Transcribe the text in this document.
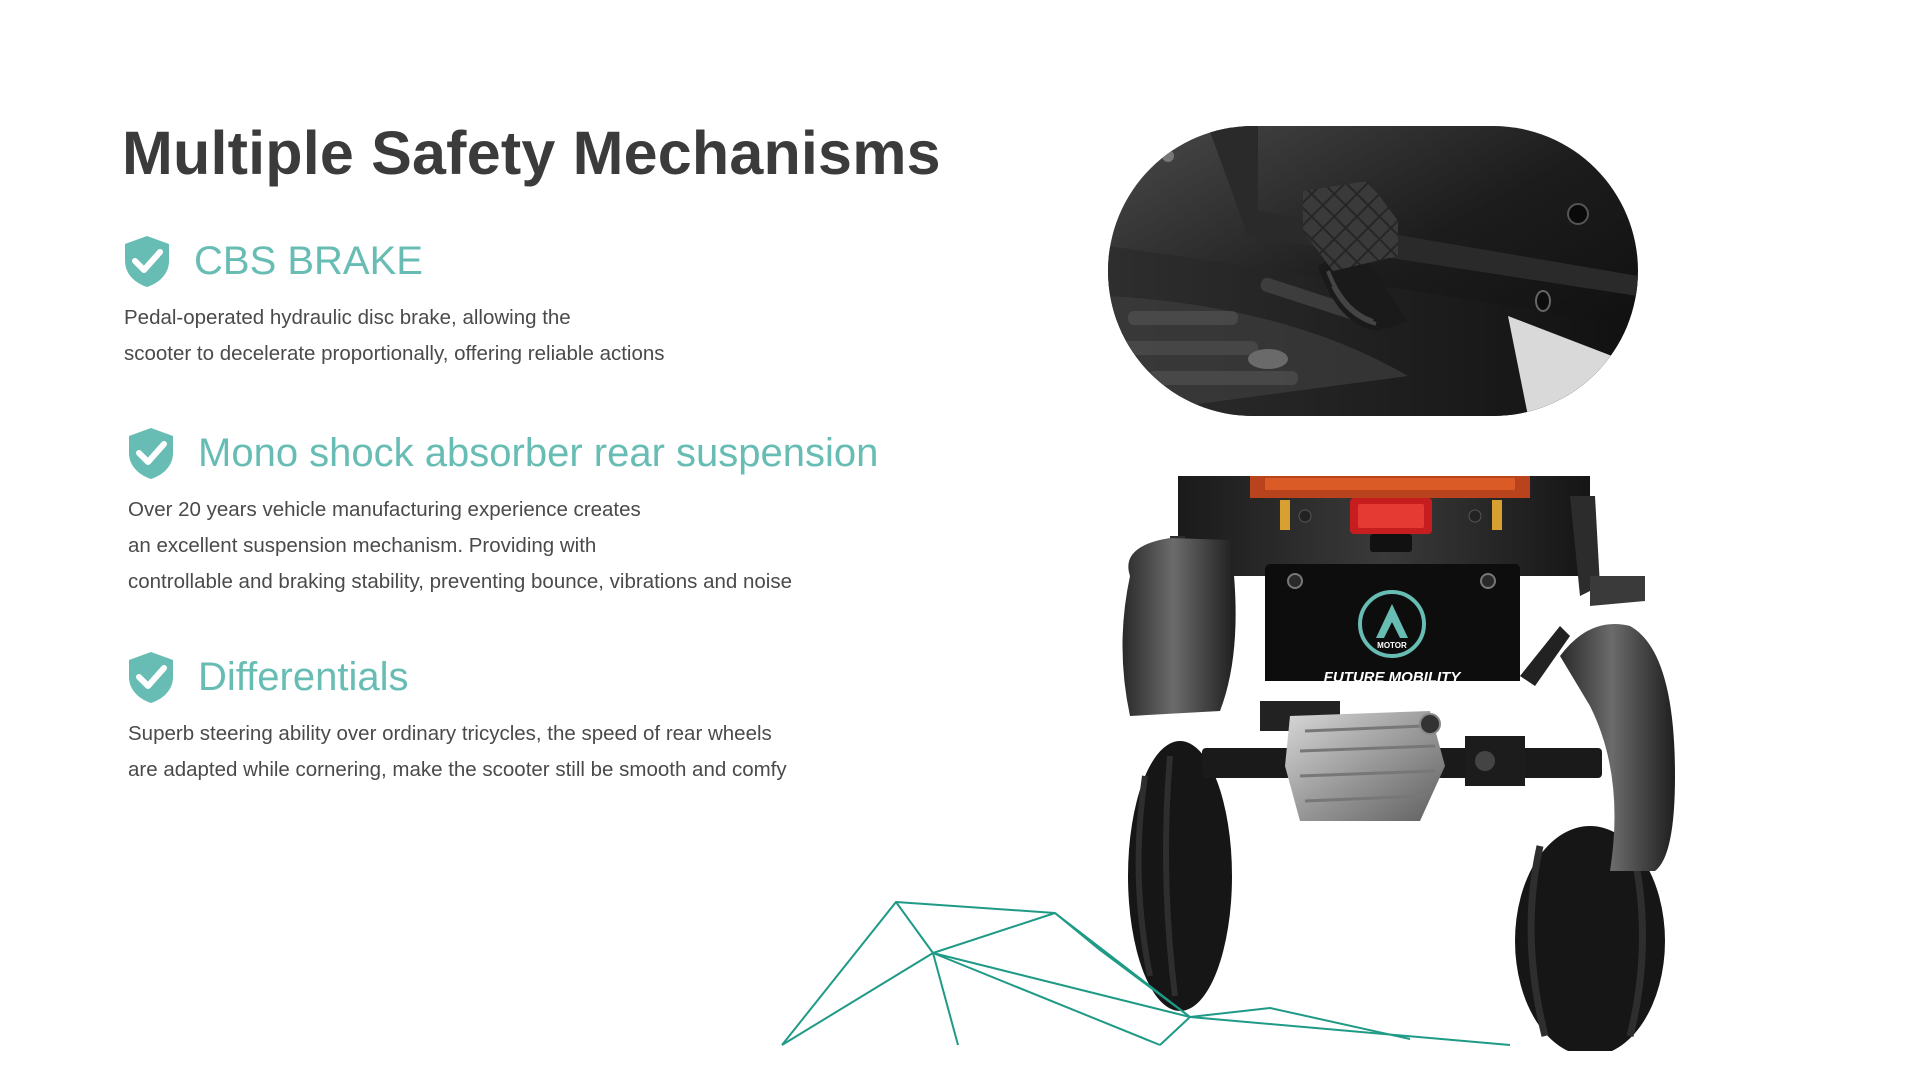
Multiple Safety Mechanisms
CBS BRAKE

Pedal-operated hydraulic disc brake, allowing the
scooter to decelerate proportionally, offering reliable actions

Mono shock absorber rear suspension

Over 20 years vehicle manufacturing experience creates
an excellent suspension mechanism. Providing with
controllable and braking stability, preventing bounce, vibrations and noise

Differentials

Superb steering ability over ordinary tricycles, the speed of rear wheels
are adapted while cornering, make the scooter still be smooth and comfy

MOTOR
FUTURE MOBILITY
